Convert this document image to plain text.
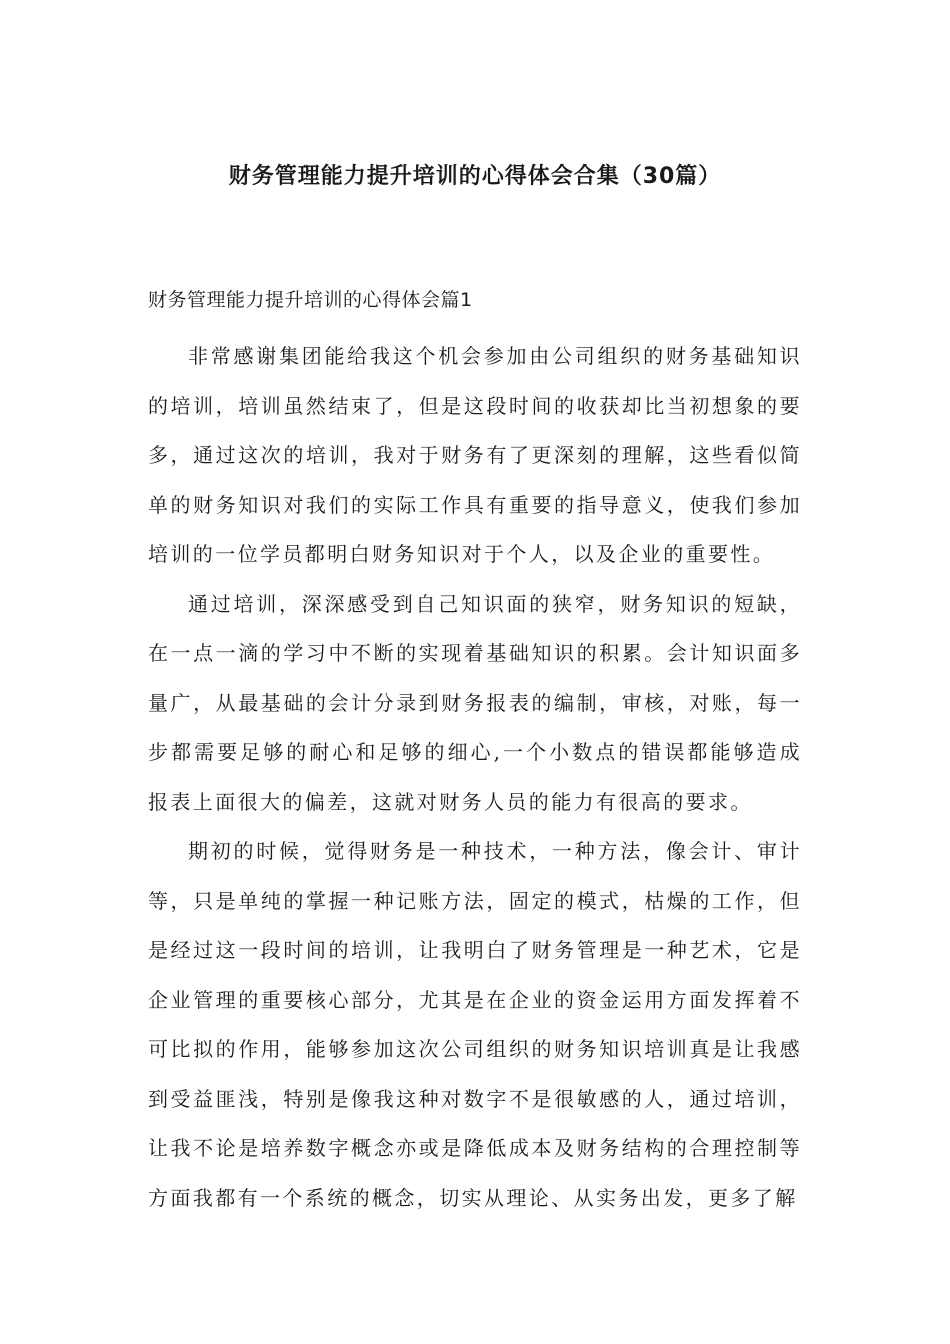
财务管理能力提升培训的心得体会合集（30篇）
财务管理能力提升培训的心得体会篇1

非常感谢集团能给我这个机会参加由公司组织的财务基础知识的培训，培训虽然结束了，但是这段时间的收获却比当初想象的要多，通过这次的培训，我对于财务有了更深刻的理解，这些看似简单的财务知识对我们的实际工作具有重要的指导意义，使我们参加培训的一位学员都明白财务知识对于个人，以及企业的重要性。

通过培训，深深感受到自己知识面的狭窄，财务知识的短缺，在一点一滴的学习中不断的实现着基础知识的积累。会计知识面多量广，从最基础的会计分录到财务报表的编制，审核，对账，每一步都需要足够的耐心和足够的细心,一个小数点的错误都能够造成报表上面很大的偏差，这就对财务人员的能力有很高的要求。

期初的时候，觉得财务是一种技术，一种方法，像会计、审计等，只是单纯的掌握一种记账方法，固定的模式，枯燥的工作，但是经过这一段时间的培训，让我明白了财务管理是一种艺术，它是企业管理的重要核心部分，尤其是在企业的资金运用方面发挥着不可比拟的作用，能够参加这次公司组织的财务知识培训真是让我感到受益匪浅，特别是像我这种对数字不是很敏感的人，通过培训，让我不论是培养数字概念亦或是降低成本及财务结构的合理控制等方面我都有一个系统的概念，切实从理论、从实务出发，更多了解
